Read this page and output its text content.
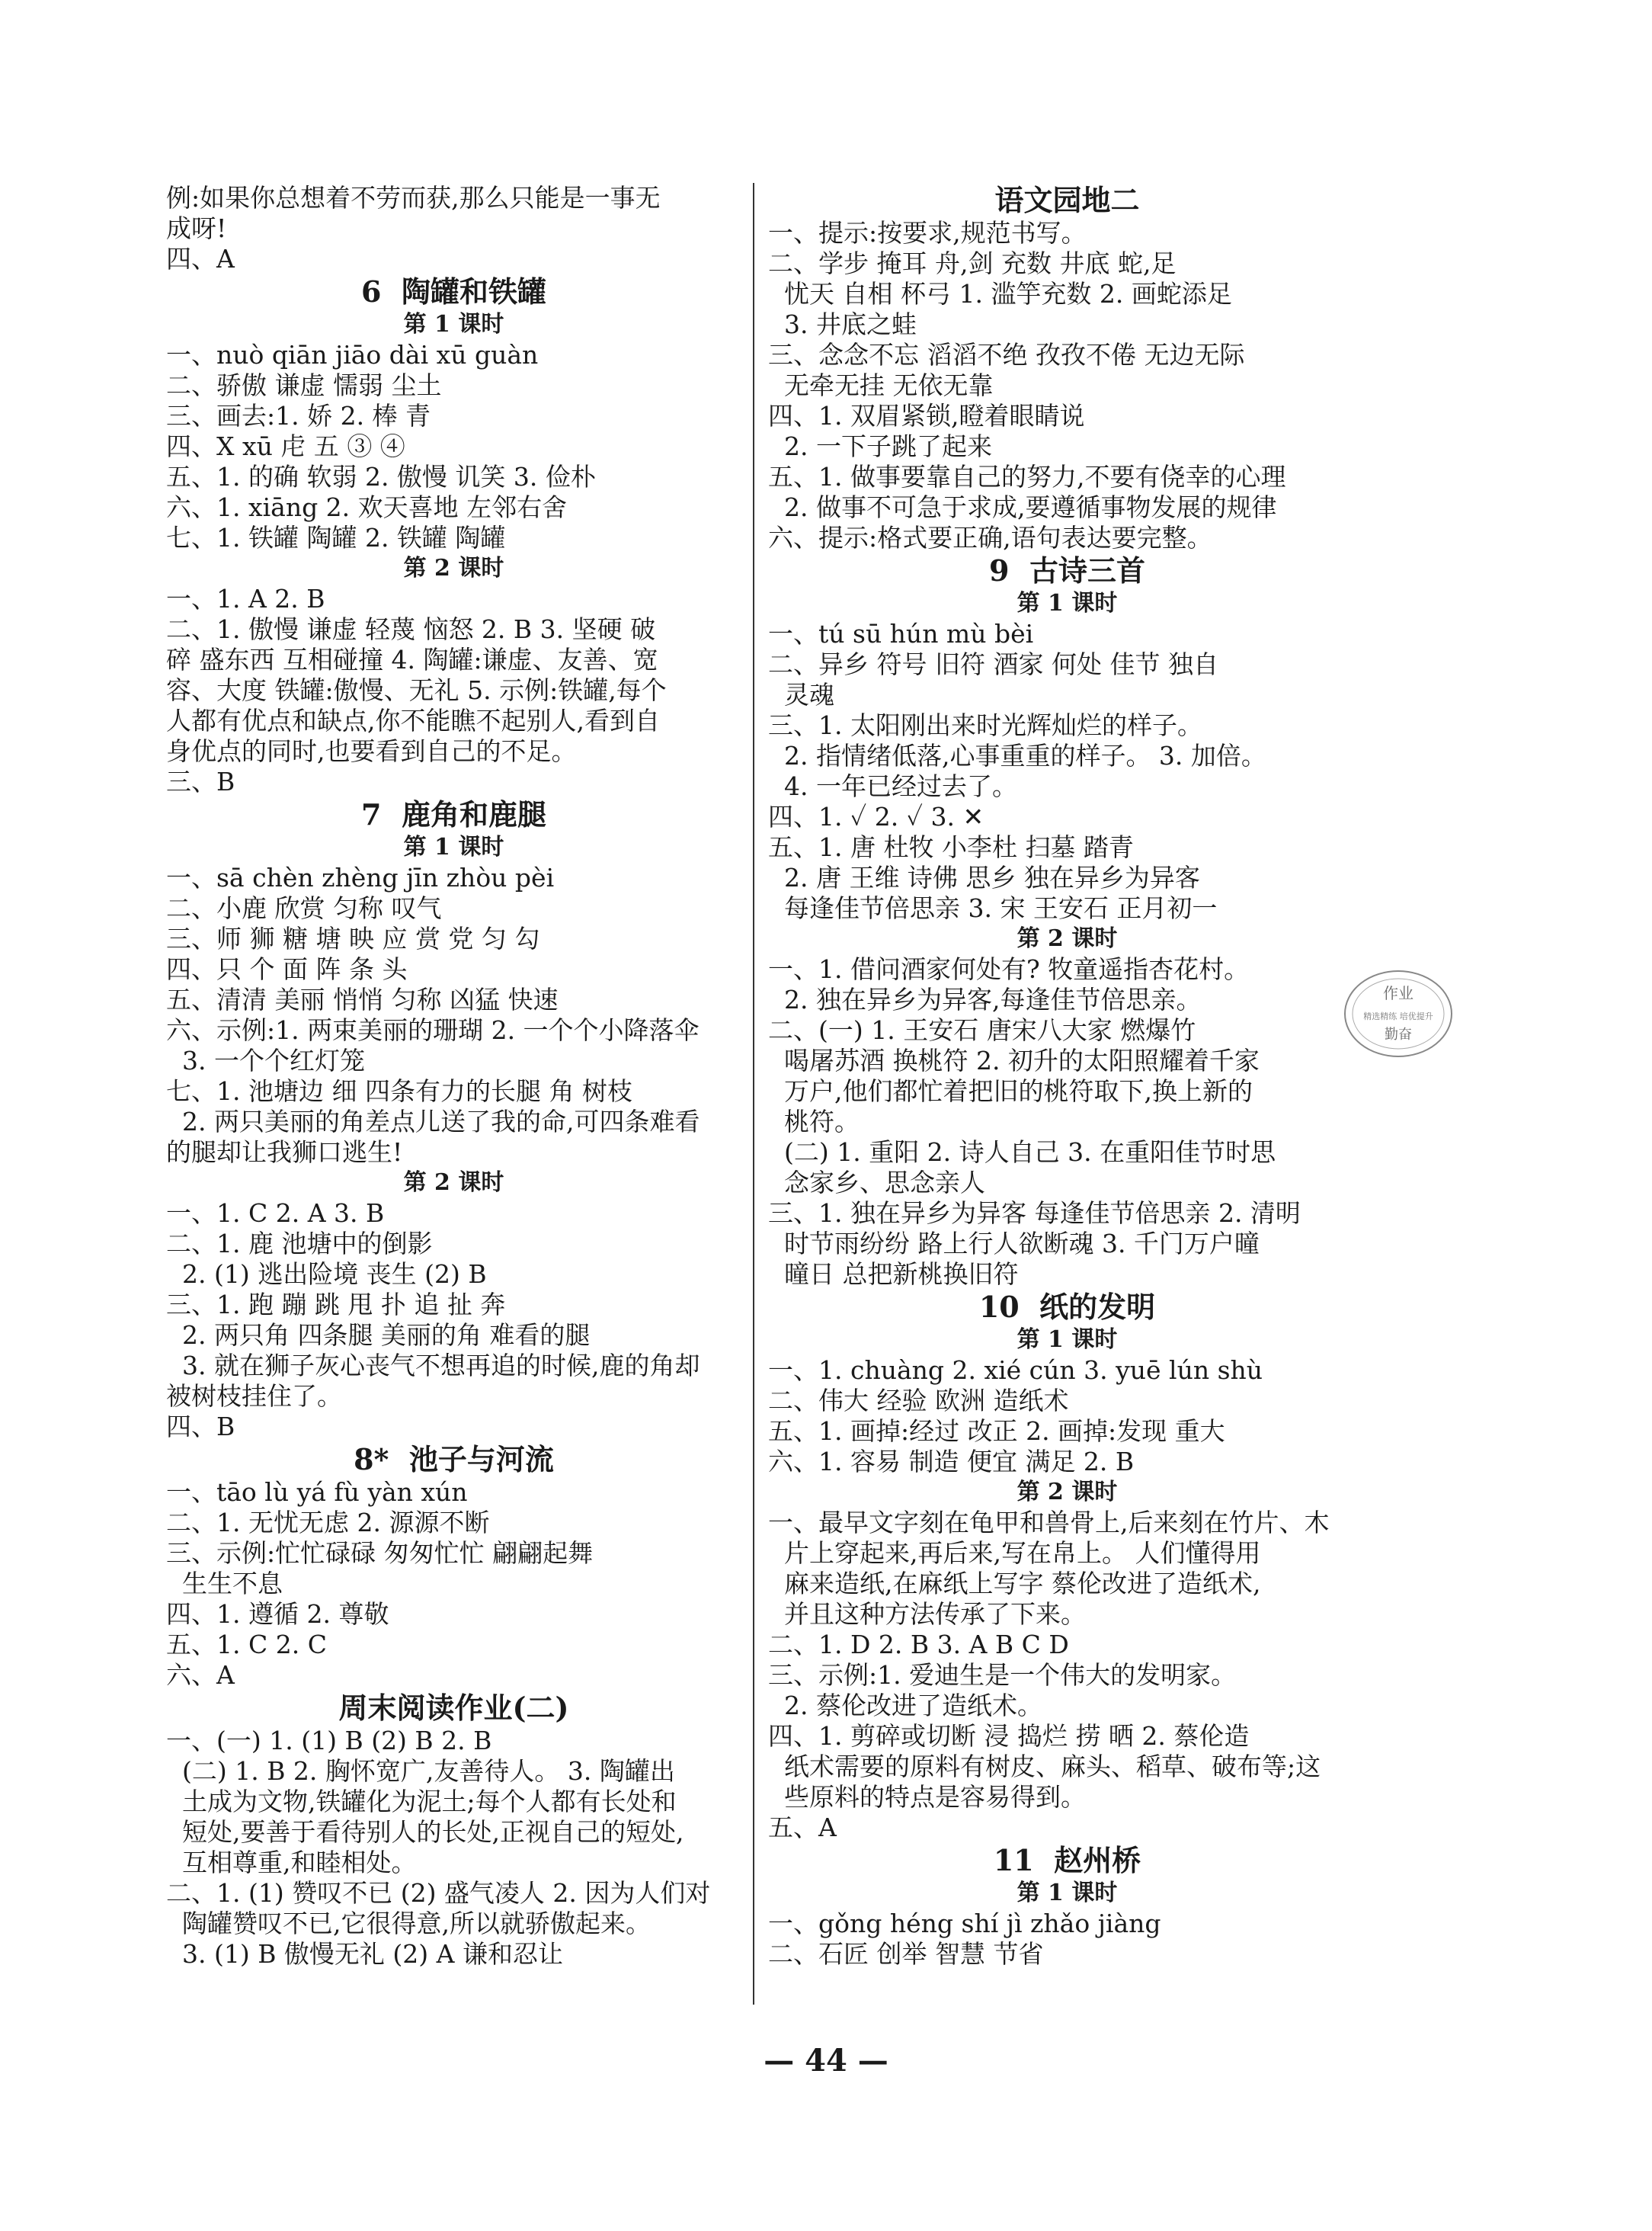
例:如果你总想着不劳而获,那么只能是一事无
成呀!
四、A
6  陶罐和铁罐
第 1 课时
一、nuò qiān jiāo dài xū guàn
二、骄傲 谦虚 懦弱 尘土
三、画去:1. 娇 2. 棒 青
四、X xū 虍 五 ③ ④
五、1. 的确 软弱 2. 傲慢 讥笑 3. 俭朴
六、1. xiāng 2. 欢天喜地 左邻右舍
七、1. 铁罐 陶罐 2. 铁罐 陶罐
第 2 课时
一、1. A 2. B
二、1. 傲慢 谦虚 轻蔑 恼怒 2. B 3. 坚硬 破
碎 盛东西 互相碰撞 4. 陶罐:谦虚、友善、宽
容、大度 铁罐:傲慢、无礼 5. 示例:铁罐,每个
人都有优点和缺点,你不能瞧不起别人,看到自
身优点的同时,也要看到自己的不足。
三、B
7  鹿角和鹿腿
第 1 课时
一、sā chèn zhèng jīn zhòu pèi
二、小鹿 欣赏 匀称 叹气
三、师 狮 糖 塘 映 应 赏 党 匀 勾
四、只 个 面 阵 条 头
五、清清 美丽 悄悄 匀称 凶猛 快速
六、示例:1. 两束美丽的珊瑚 2. 一个个小降落伞
3. 一个个红灯笼
七、1. 池塘边 细 四条有力的长腿 角 树枝
2. 两只美丽的角差点儿送了我的命,可四条难看
的腿却让我狮口逃生!
第 2 课时
一、1. C 2. A 3. B
二、1. 鹿 池塘中的倒影
2. (1) 逃出险境 丧生 (2) B
三、1. 跑 蹦 跳 甩 扑 追 扯 奔
2. 两只角 四条腿 美丽的角 难看的腿
3. 就在狮子灰心丧气不想再追的时候,鹿的角却
被树枝挂住了。
四、B
8*  池子与河流
一、tāo lù yá fù yàn xún
二、1. 无忧无虑 2. 源源不断
三、示例:忙忙碌碌 匆匆忙忙 翩翩起舞
生生不息
四、1. 遵循 2. 尊敬
五、1. C 2. C
六、A
周末阅读作业(二)
一、(一) 1. (1) B (2) B 2. B
(二) 1. B 2. 胸怀宽广,友善待人。 3. 陶罐出
土成为文物,铁罐化为泥土;每个人都有长处和
短处,要善于看待别人的长处,正视自己的短处,
互相尊重,和睦相处。
二、1. (1) 赞叹不已 (2) 盛气凌人 2. 因为人们对
陶罐赞叹不已,它很得意,所以就骄傲起来。
3. (1) B 傲慢无礼 (2) A 谦和忍让
语文园地二
一、提示:按要求,规范书写。
二、学步 掩耳 舟,剑 充数 井底 蛇,足
忧天 自相 杯弓 1. 滥竽充数 2. 画蛇添足
3. 井底之蛙
三、念念不忘 滔滔不绝 孜孜不倦 无边无际
无牵无挂 无依无靠
四、1. 双眉紧锁,瞪着眼睛说
2. 一下子跳了起来
五、1. 做事要靠自己的努力,不要有侥幸的心理
2. 做事不可急于求成,要遵循事物发展的规律
六、提示:格式要正确,语句表达要完整。
9  古诗三首
第 1 课时
一、tú sū hún mù bèi
二、异乡 符号 旧符 酒家 何处 佳节 独自
灵魂
三、1. 太阳刚出来时光辉灿烂的样子。
2. 指情绪低落,心事重重的样子。 3. 加倍。
4. 一年已经过去了。
四、1. ✓ 2. ✓ 3. ✕
五、1. 唐 杜牧 小李杜 扫墓 踏青
2. 唐 王维 诗佛 思乡 独在异乡为异客
每逢佳节倍思亲 3. 宋 王安石 正月初一
第 2 课时
一、1. 借问酒家何处有? 牧童遥指杏花村。
2. 独在异乡为异客,每逢佳节倍思亲。
二、(一) 1. 王安石 唐宋八大家 燃爆竹
喝屠苏酒 换桃符 2. 初升的太阳照耀着千家
万户,他们都忙着把旧的桃符取下,换上新的
桃符。
(二) 1. 重阳 2. 诗人自己 3. 在重阳佳节时思
念家乡、思念亲人
三、1. 独在异乡为异客 每逢佳节倍思亲 2. 清明
时节雨纷纷 路上行人欲断魂 3. 千门万户曈
曈日 总把新桃换旧符
10  纸的发明
第 1 课时
一、1. chuàng 2. xié cún 3. yuē lún shù
二、伟大 经验 欧洲 造纸术
五、1. 画掉:经过 改正 2. 画掉:发现 重大
六、1. 容易 制造 便宜 满足 2. B
第 2 课时
一、最早文字刻在龟甲和兽骨上,后来刻在竹片、木
片上穿起来,再后来,写在帛上。 人们懂得用
麻来造纸,在麻纸上写字 蔡伦改进了造纸术,
并且这种方法传承了下来。
二、1. D 2. B 3. A B C D
三、示例:1. 爱迪生是一个伟大的发明家。
2. 蔡伦改进了造纸术。
四、1. 剪碎或切断 浸 捣烂 捞 晒 2. 蔡伦造
纸术需要的原料有树皮、麻头、稻草、破布等;这
些原料的特点是容易得到。
五、A
11  赵州桥
第 1 课时
一、gǒng héng shí jì zhǎo jiàng
二、石匠 创举 智慧 节省
作业
精选精练 培优提升
勤奋
— 44 —
